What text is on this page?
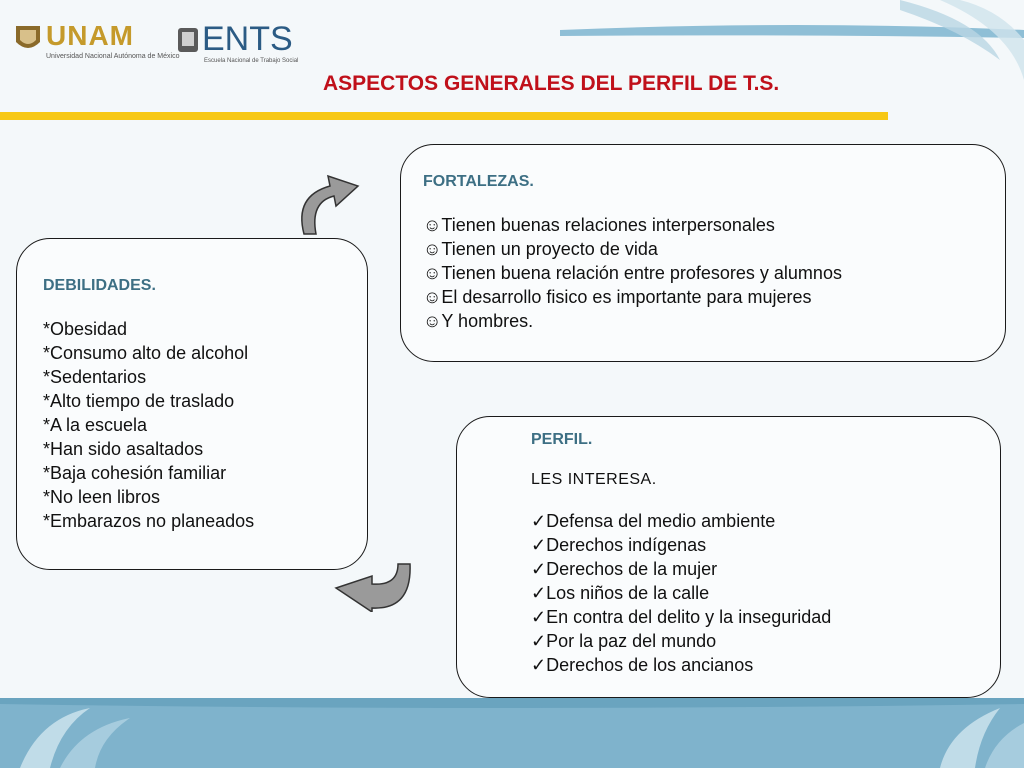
UNAM
Universidad Nacional Autónoma de México ENTS
Escuela Nacional de Trabajo Social
ASPECTOS GENERALES DEL PERFIL DE T.S.
FORTALEZAS.
☺Tienen buenas relaciones interpersonales
☺Tienen un proyecto de vida
☺Tienen buena relación entre profesores y alumnos
☺El desarrollo fisico es importante para mujeres
☺Y hombres.
DEBILIDADES.
*Obesidad
*Consumo alto de alcohol
*Sedentarios
*Alto tiempo de traslado
*A la escuela
*Han sido asaltados
*Baja cohesión familiar
*No leen libros
*Embarazos no planeados
PERFIL.
LES INTERESA.
✓Defensa del medio ambiente
✓Derechos indígenas
✓Derechos de la mujer
✓Los niños de la calle
✓En contra del delito y la inseguridad
✓Por la paz del mundo
✓Derechos de los ancianos
